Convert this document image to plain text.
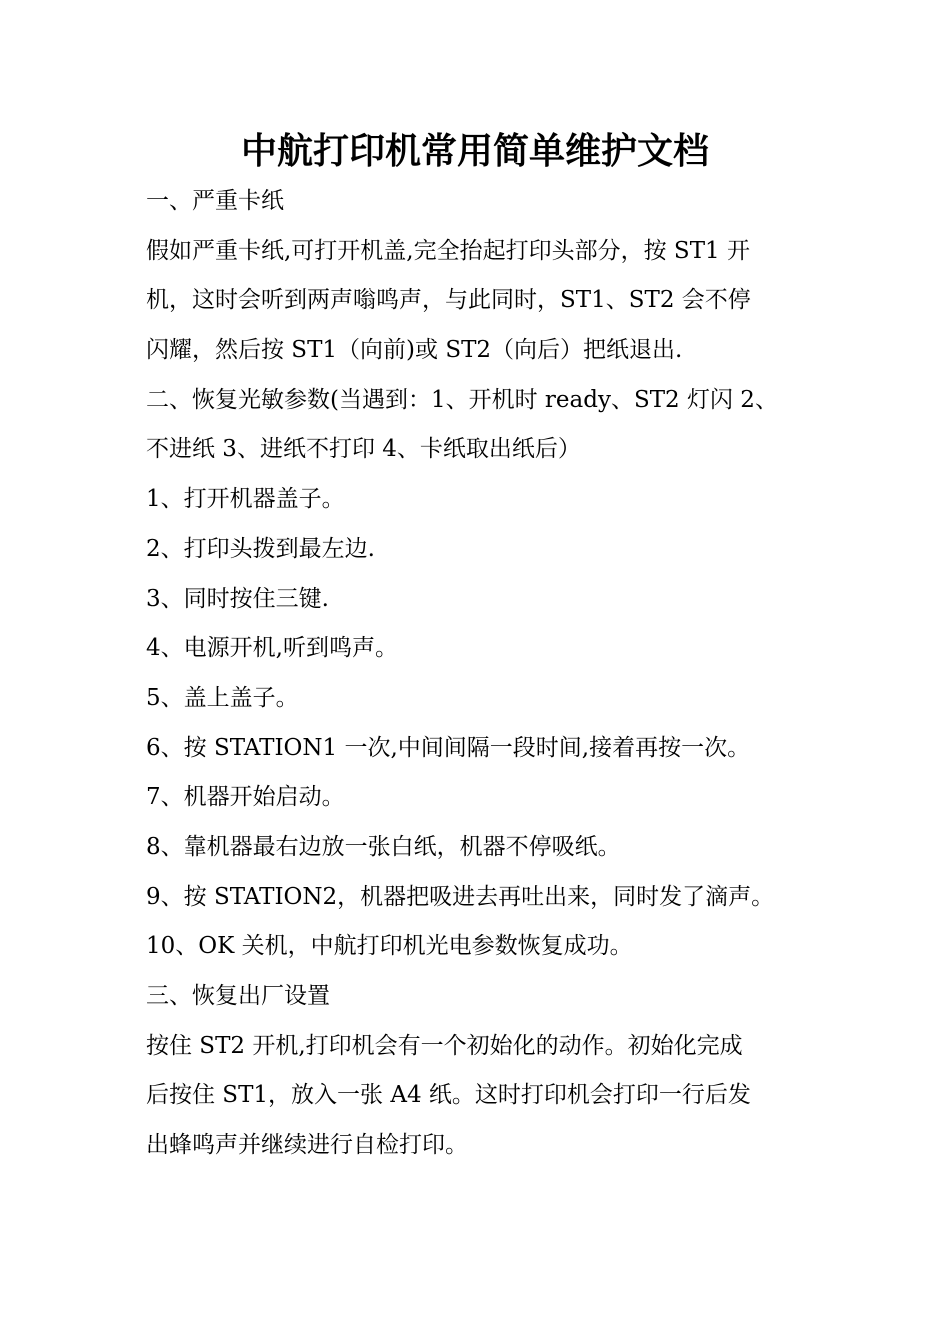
中航打印机常用简单维护文档
一、严重卡纸
假如严重卡纸,可打开机盖,完全抬起打印头部分，按 ST1 开
机，这时会听到两声嗡鸣声，与此同时，ST1、ST2 会不停
闪耀，然后按 ST1（向前)或 ST2（向后）把纸退出.
二、恢复光敏参数(当遇到：1、开机时 ready、ST2 灯闪 2、
不进纸 3、进纸不打印 4、卡纸取出纸后）
1、打开机器盖子。
2、打印头拨到最左边.
3、同时按住三键.
4、电源开机,听到鸣声。
5、盖上盖子。
6、按 STATION1 一次,中间间隔一段时间,接着再按一次。
7、机器开始启动。
8、靠机器最右边放一张白纸，机器不停吸纸。
9、按 STATION2，机器把吸进去再吐出来，同时发了滴声。
10、OK 关机，中航打印机光电参数恢复成功。
三、恢复出厂设置
按住 ST2 开机,打印机会有一个初始化的动作。初始化完成
后按住 ST1，放入一张 A4 纸。这时打印机会打印一行后发
出蜂鸣声并继续进行自检打印。
